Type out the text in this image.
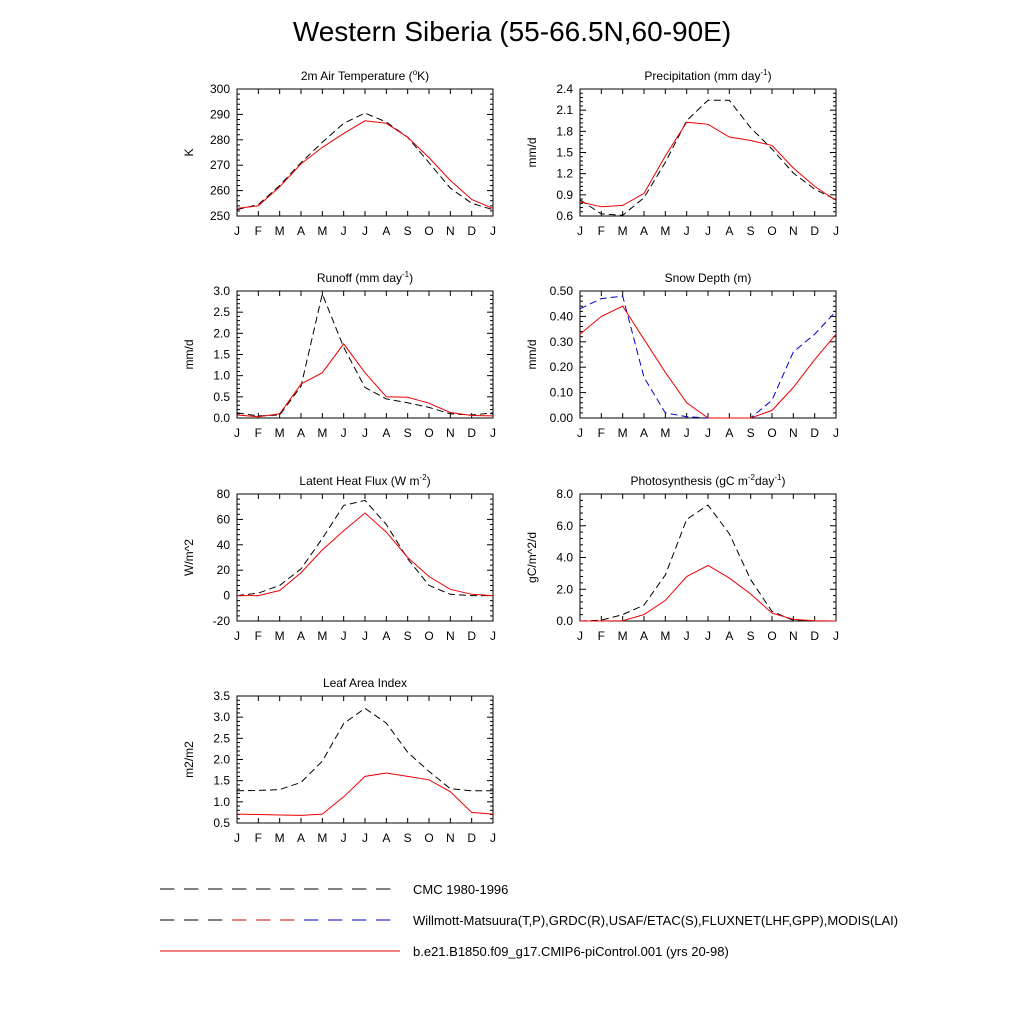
Western Siberia (55-66.5N,60-90E)
2m Air Temperature ($^o$K)
J F M A M J J A S O N D J
250
260
270
280
290
300
K
Precipitation (mm day$^{-1}$)
J F M A M J J A S O N D J
0.6
0.9
1.2
1.5
1.8
2.1
2.4
mm/d
Runoff (mm day$^{-1}$)
J F M A M J J A S O N D J
0.0
0.5
1.0
1.5
2.0
2.5
3.0
mm/d
Snow Depth (m)
J F M A M J J A S O N D J
0.00
0.10
0.20
0.30
0.40
0.50
mm/d
Latent Heat Flux (W $m^{-2}$)
J F M A M J J A S O N D J
-20
0
20
40
60
80
W/m^2
Photosynthesis (gC $m^{-2}day^{-1}$)
J F M A M J J A S O N D J
0.0
2.0
4.0
6.0
8.0
gC/m^2/d
Leaf Area Index
J F M A M J J A S O N D J
0.5
1.0
1.5
2.0
2.5
3.0
3.5
m2/m2
CMC 1980-1996
Willmott-Matsuura(T,P),GRDC(R),USAF/ETAC(S),FLUXNET(LHF,GPP),MODIS(LAI)
b.e21.B1850.f09_g17.CMIP6-piControl.001 (yrs 20-98)
